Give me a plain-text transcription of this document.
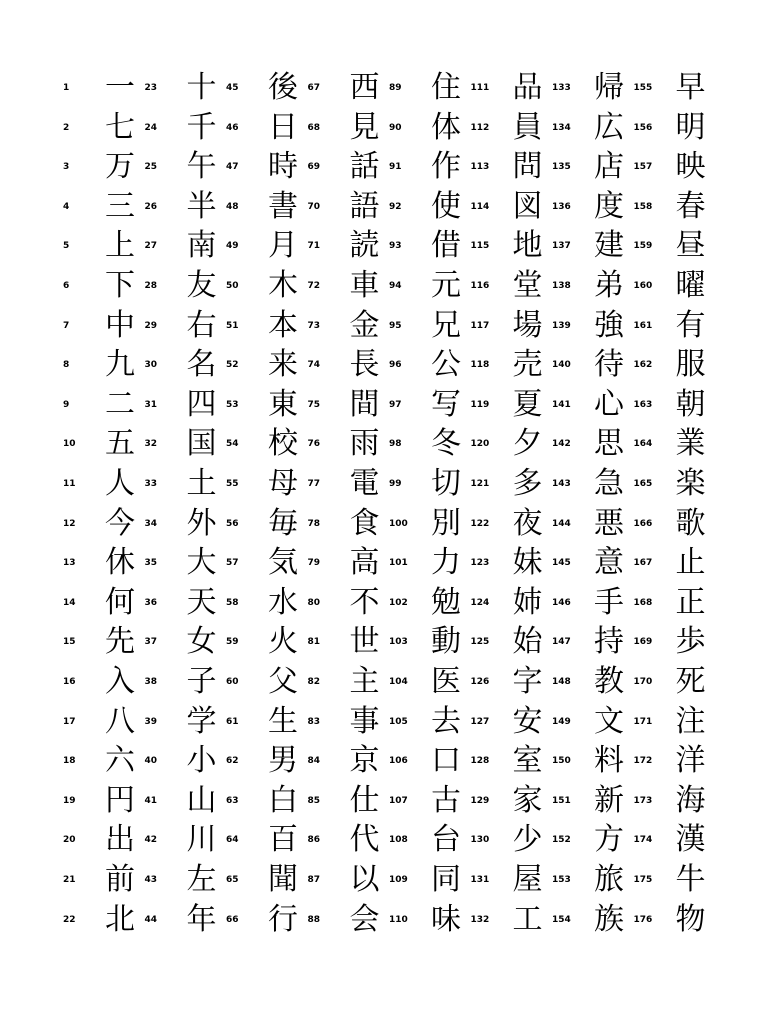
1 一
2 七
3 万
4 三
5 上
6 下
7 中
8 九
9 二
10 五
11 人
12 今
13 休
14 何
15 先
16 入
17 八
18 六
19 円
20 出
21 前
22 北
23 十
24 千
25 午
26 半
27 南
28 友
29 右
30 名
31 四
32 国
33 土
34 外
35 大
36 天
37 女
38 子
39 学
40 小
41 山
42 川
43 左
44 年
45 後
46 日
47 時
48 書
49 月
50 木
51 本
52 来
53 東
54 校
55 母
56 毎
57 気
58 水
59 火
60 父
61 生
62 男
63 白
64 百
65 聞
66 行
67 西
68 見
69 話
70 語
71 読
72 車
73 金
74 長
75 間
76 雨
77 電
78 食
79 高
80 不
81 世
82 主
83 事
84 京
85 仕
86 代
87 以
88 会
89 住
90 体
91 作
92 使
93 借
94 元
95 兄
96 公
97 写
98 冬
99 切
100 別
101 力
102 勉
103 動
104 医
105 去
106 口
107 古
108 台
109 同
110 味
111 品
112 員
113 問
114 図
115 地
116 堂
117 場
118 売
119 夏
120 夕
121 多
122 夜
123 妹
124 姉
125 始
126 字
127 安
128 室
129 家
130 少
131 屋
132 工
133 帰
134 広
135 店
136 度
137 建
138 弟
139 強
140 待
141 心
142 思
143 急
144 悪
145 意
146 手
147 持
148 教
149 文
150 料
151 新
152 方
153 旅
154 族
155 早
156 明
157 映
158 春
159 昼
160 曜
161 有
162 服
163 朝
164 業
165 楽
166 歌
167 止
168 正
169 歩
170 死
171 注
172 洋
173 海
174 漢
175 牛
176 物
